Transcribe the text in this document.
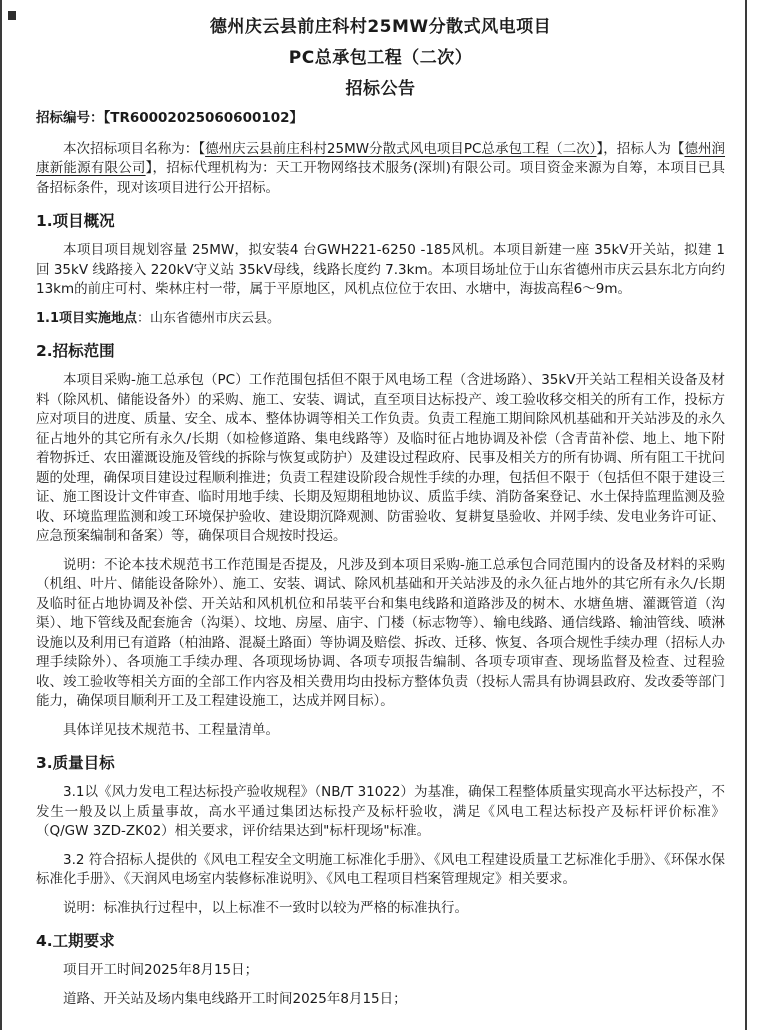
德州庆云县前庄科村25MW分散式风电项目
PC总承包工程（二次）
招标公告
招标编号：【TR60002025060600102】

本次招标项目名称为：【德州庆云县前庄科村25MW分散式风电项目PC总承包工程（二次）】，招标人为【德州润康新能源有限公司】，招标代理机构为：天工开物网络技术服务(深圳)有限公司。项目资金来源为自筹，本项目已具备招标条件，现对该项目进行公开招标。

1.项目概况

本项目项目规划容量 25MW，拟安装4 台GWH221-6250 -185风机。本项目新建一座 35kV开关站，拟建 1回 35kV 线路接入 220kV守义站 35kV母线，线路长度约 7.3km。本项目场址位于山东省德州市庆云县东北方向约 13km的前庄可村、柴林庄村一带，属于平原地区，风机点位位于农田、水塘中，海拔高程6～9m。

1.1项目实施地点：山东省德州市庆云县。
2.招标范围

本项目采购-施工总承包（PC）工作范围包括但不限于风电场工程（含进场路）、35kV开关站工程相关设备及材料（除风机、储能设备外）的采购、施工、安装、调试，直至项目达标投产、竣工验收移交相关的所有工作，投标方应对项目的进度、质量、安全、成本、整体协调等相关工作负责。负责工程施工期间除风机基础和开关站涉及的永久征占地外的其它所有永久/长期（如检修道路、集电线路等）及临时征占地协调及补偿（含青苗补偿、地上、地下附着物拆迁、农田灌溉设施及管线的拆除与恢复或防护）及建设过程政府、民事及相关方的所有协调、所有阻工干扰问题的处理，确保项目建设过程顺利推进；负责工程建设阶段合规性手续的办理，包括但不限于（包括但不限于建设三证、施工图设计文件审查、临时用地手续、长期及短期租地协议、质监手续、消防备案登记、水土保持监理监测及验收、环境监理监测和竣工环境保护验收、建设期沉降观测、防雷验收、复耕复垦验收、并网手续、发电业务许可证、应急预案编制和备案）等，确保项目合规按时投运。

说明：不论本技术规范书工作范围是否提及，凡涉及到本项目采购-施工总承包合同范围内的设备及材料的采购（机组、叶片、储能设备除外）、施工、安装、调试、除风机基础和开关站涉及的永久征占地外的其它所有永久/长期及临时征占地协调及补偿、开关站和风机机位和吊装平台和集电线路和道路涉及的树木、水塘鱼塘、灌溉管道（沟渠）、地下管线及配套施舍（沟渠）、坟地、房屋、庙宇、门楼（标志物等）、输电线路、通信线路、输油管线、喷淋设施以及利用已有道路（柏油路、混凝土路面）等协调及赔偿、拆改、迁移、恢复、各项合规性手续办理（招标人办理手续除外）、各项施工手续办理、各项现场协调、各项专项报告编制、各项专项审查、现场监督及检查、过程验收、竣工验收等相关方面的全部工作内容及相关费用均由投标方整体负责（投标人需具有协调县政府、发改委等部门能力，确保项目顺利开工及工程建设施工，达成并网目标）。

具体详见技术规范书、工程量清单。

3.质量目标

3.1以《风力发电工程达标投产验收规程》（NB/T 31022）为基准，确保工程整体质量实现高水平达标投产，不发生一般及以上质量事故，高水平通过集团达标投产及标杆验收，满足《风电工程达标投产及标杆评价标准》（Q/GW 3ZD-ZK02）相关要求，评价结果达到"标杆现场"标准。

3.2 符合招标人提供的《风电工程安全文明施工标准化手册》、《风电工程建设质量工艺标准化手册》、《环保水保标准化手册》、《天润风电场室内装修标准说明》、《风电工程项目档案管理规定》相关要求。

说明：标准执行过程中，以上标准不一致时以较为严格的标准执行。

4.工期要求

项目开工时间2025年8月15日；

道路、开关站及场内集电线路开工时间2025年8月15日；
